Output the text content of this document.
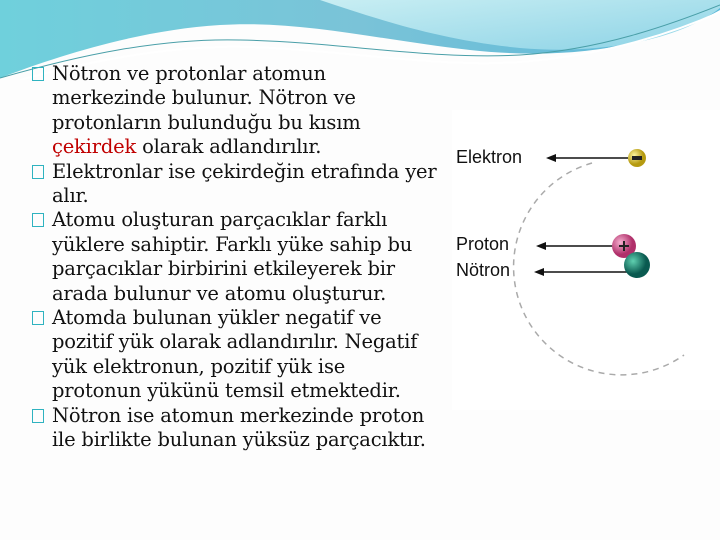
Nötron ve protonlar atomun merkezinde bulunur. Nötron ve protonların bulunduğu bu kısım çekirdek olarak adlandırılır.
Elektronlar ise çekirdeğin etrafında yer alır.
Atomu oluşturan parçacıklar farklı yüklere sahiptir. Farklı yüke sahip bu parçacıklar birbirini etkileyerek bir arada bulunur ve atomu oluşturur.
Atomda bulunan yükler negatif ve pozitif yük olarak adlandırılır. Negatif yük elektronun, pozitif yük ise protonun yükünü temsil etmektedir.
Nötron ise atomun merkezinde proton ile birlikte bulunan yüksüz parçacıktır.
Elektron
Proton
Nötron
